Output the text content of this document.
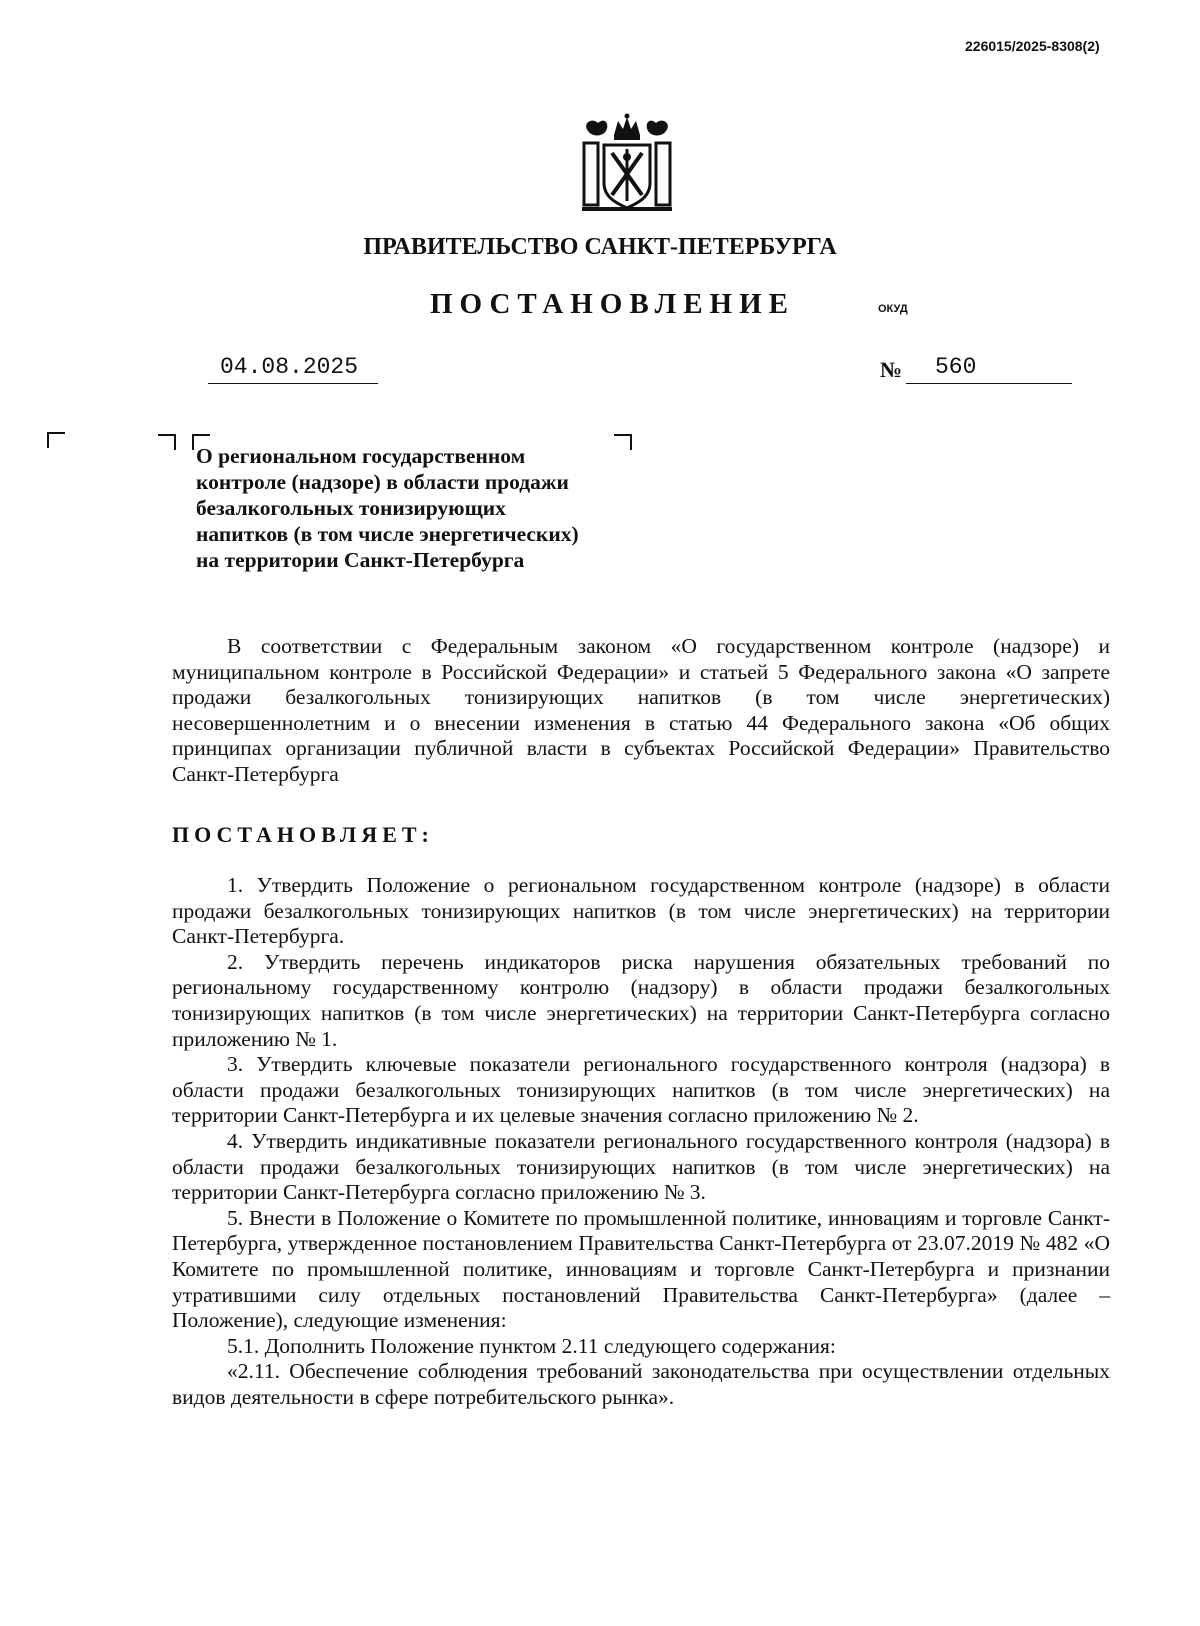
226015/2025-8308(2)
ПРАВИТЕЛЬСТВО САНКТ-ПЕТЕРБУРГА
ПОСТАНОВЛЕНИЕ	ОКУД
04.08.2025	№ 560
О региональном государственном
контроле (надзоре) в области продажи
безалкогольных тонизирующих
напитков (в том числе энергетических)
на территории Санкт-Петербурга

В соответствии с Федеральным законом «О государственном контроле (надзоре) и муниципальном контроле в Российской Федерации» и статьей 5 Федерального закона «О запрете продажи безалкогольных тонизирующих напитков (в том числе энергетических) несовершеннолетним и о внесении изменения в статью 44 Федерального закона «Об общих принципах организации публичной власти в субъектах Российской Федерации» Правительство Санкт-Петербурга

ПОСТАНОВЛЯЕТ:

1. Утвердить Положение о региональном государственном контроле (надзоре) в области продажи безалкогольных тонизирующих напитков (в том числе энергетических) на территории Санкт-Петербурга.

2. Утвердить перечень индикаторов риска нарушения обязательных требований по региональному государственному контролю (надзору) в области продажи безалкогольных тонизирующих напитков (в том числе энергетических) на территории Санкт-Петербурга согласно приложению № 1.

3. Утвердить ключевые показатели регионального государственного контроля (надзора) в области продажи безалкогольных тонизирующих напитков (в том числе энергетических) на территории Санкт-Петербурга и их целевые значения согласно приложению № 2.

4. Утвердить индикативные показатели регионального государственного контроля (надзора) в области продажи безалкогольных тонизирующих напитков (в том числе энергетических) на территории Санкт-Петербурга согласно приложению № 3.

5. Внести в Положение о Комитете по промышленной политике, инновациям и торговле Санкт-Петербурга, утвержденное постановлением Правительства Санкт-Петербурга от 23.07.2019 № 482 «О Комитете по промышленной политике, инновациям и торговле Санкт-Петербурга и признании утратившими силу отдельных постановлений Правительства Санкт-Петербурга» (далее – Положение), следующие изменения:

5.1. Дополнить Положение пунктом 2.11 следующего содержания:

«2.11. Обеспечение соблюдения требований законодательства при осуществлении отдельных видов деятельности в сфере потребительского рынка».
